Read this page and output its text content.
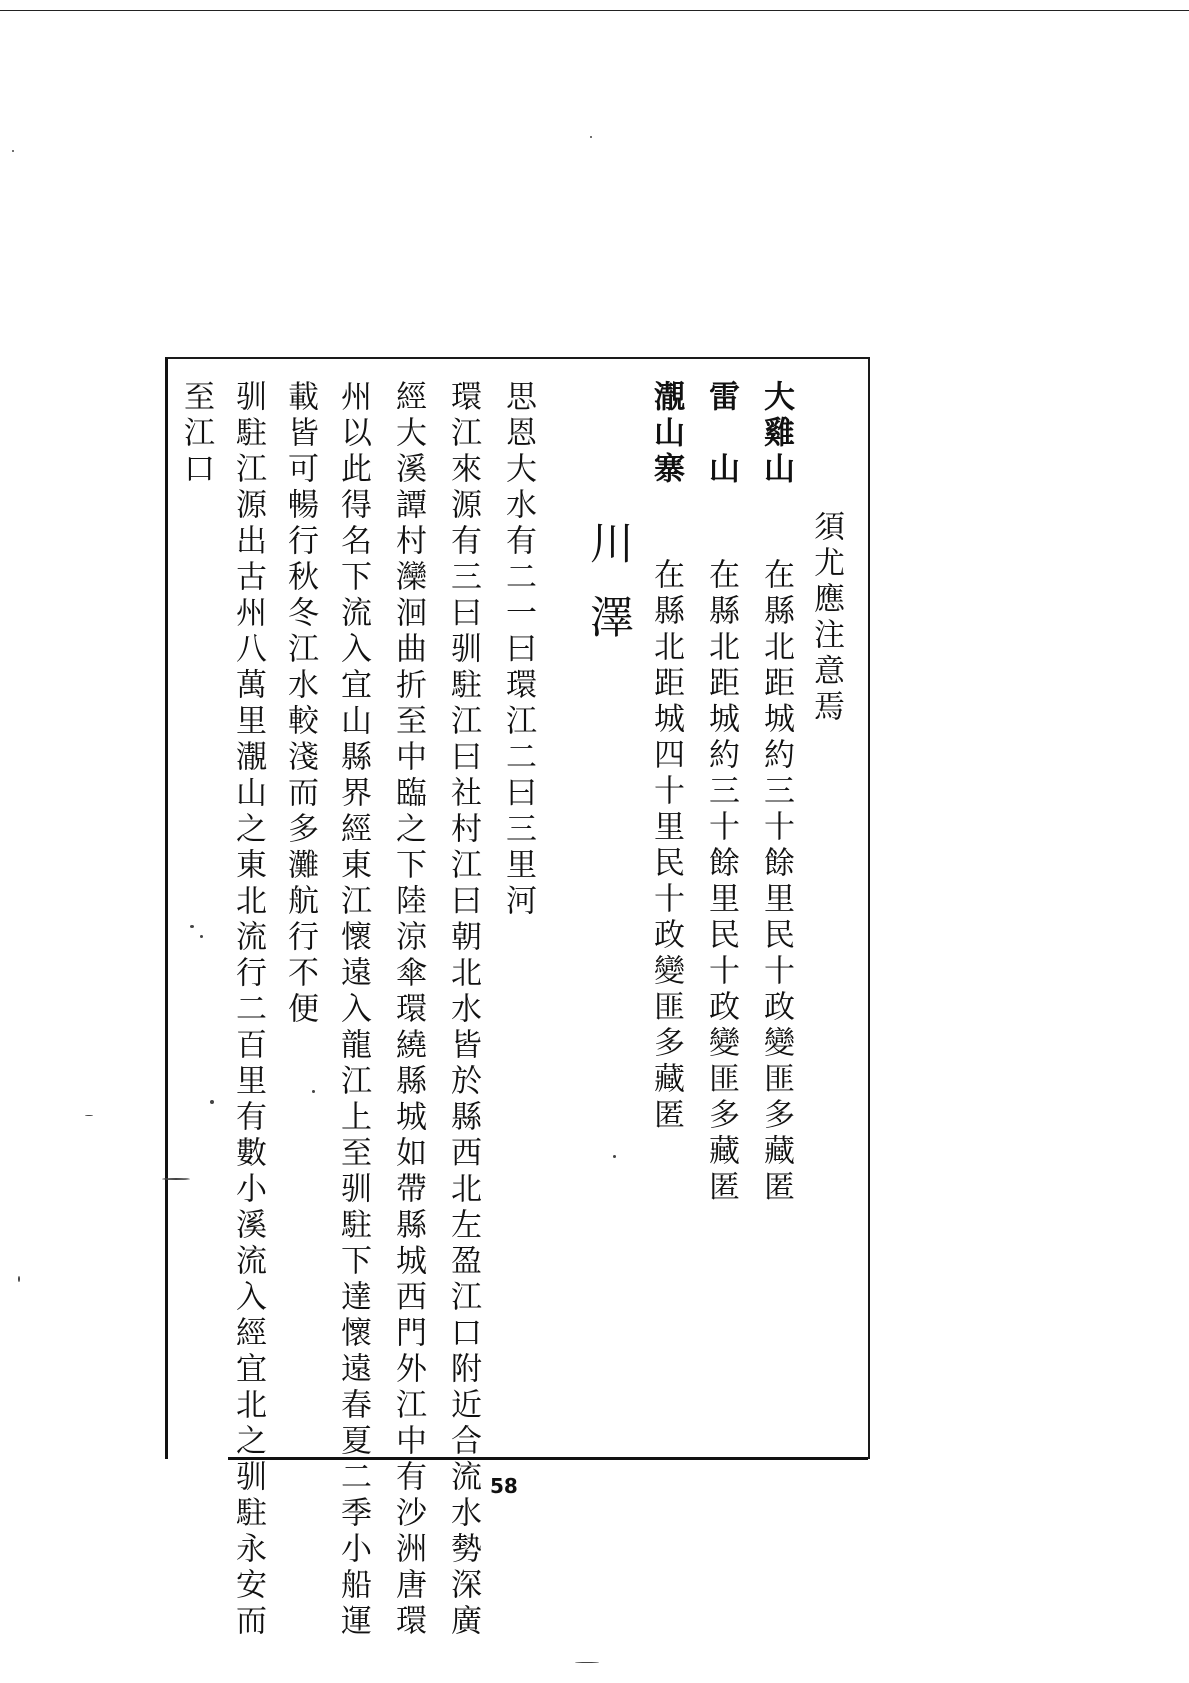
須尤應注意焉
大雞山在縣北距城約三十餘里民十政變匪多藏匿
雷　山在縣北距城約三十餘里民十政變匪多藏匿
㵾山寨在縣北距城四十里民十政變匪多藏匿
川澤
思恩大水有二一曰環江二曰三里河
環江來源有三曰驯駐江曰社村江曰朝北水皆於縣西北左盈江口附近合流水勢深廣
經大溪譚村灤洄曲折至中臨之下陸涼傘環繞縣城如帶縣城西門外江中有沙洲唐環
州以此得名下流入宜山縣界經東江懷遠入龍江上至驯駐下達懷遠春夏二季小船運
載皆可暢行秋冬江水較淺而多灘航行不便
驯駐江源出古州八萬里㵾山之東北流行二百里有數小溪流入經宜北之驯駐永安而
至江口
58
